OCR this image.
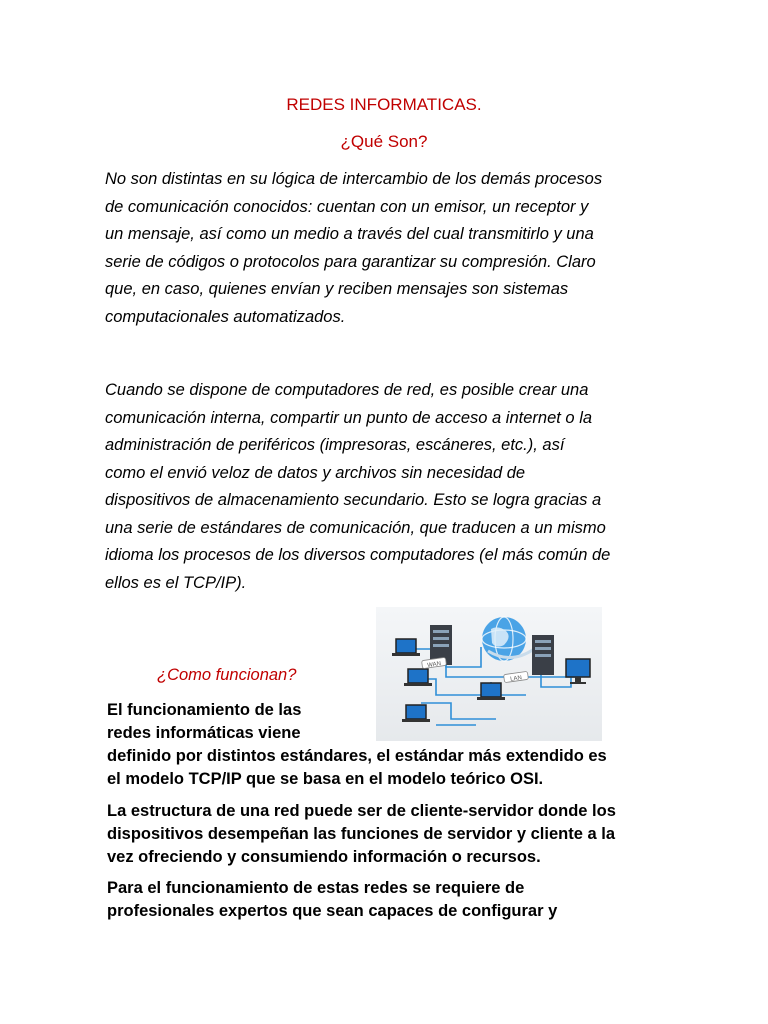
REDES INFORMATICAS.
¿Qué Son?
No son distintas en su lógica de intercambio de los demás procesos
de comunicación conocidos: cuentan con un emisor, un receptor y
un mensaje, así como un medio a través del cual transmitirlo y una
serie de códigos o protocolos para garantizar su compresión. Claro
que, en caso, quienes envían y reciben mensajes son sistemas
computacionales automatizados.
Cuando se dispone de computadores de red, es posible crear una
comunicación interna, compartir un punto de acceso a internet o la
administración de periféricos (impresoras, escáneres, etc.), así
como el envió veloz de datos y archivos sin necesidad de
dispositivos de almacenamiento secundario. Esto se logra gracias a
una serie de estándares de comunicación, que traducen a un mismo
idioma los procesos de los diversos computadores (el más común de
ellos es el TCP/IP).
¿Como funcionan?
WAN
LAN
El funcionamiento de las
redes informáticas viene
definido por distintos estándares, el estándar más extendido es
el modelo TCP/IP que se basa en el modelo teórico OSI.
La estructura de una red puede ser de cliente-servidor donde los
dispositivos desempeñan las funciones de servidor y cliente a la
vez ofreciendo y consumiendo información o recursos.
Para el funcionamiento de estas redes se requiere de
profesionales expertos que sean capaces de configurar y
